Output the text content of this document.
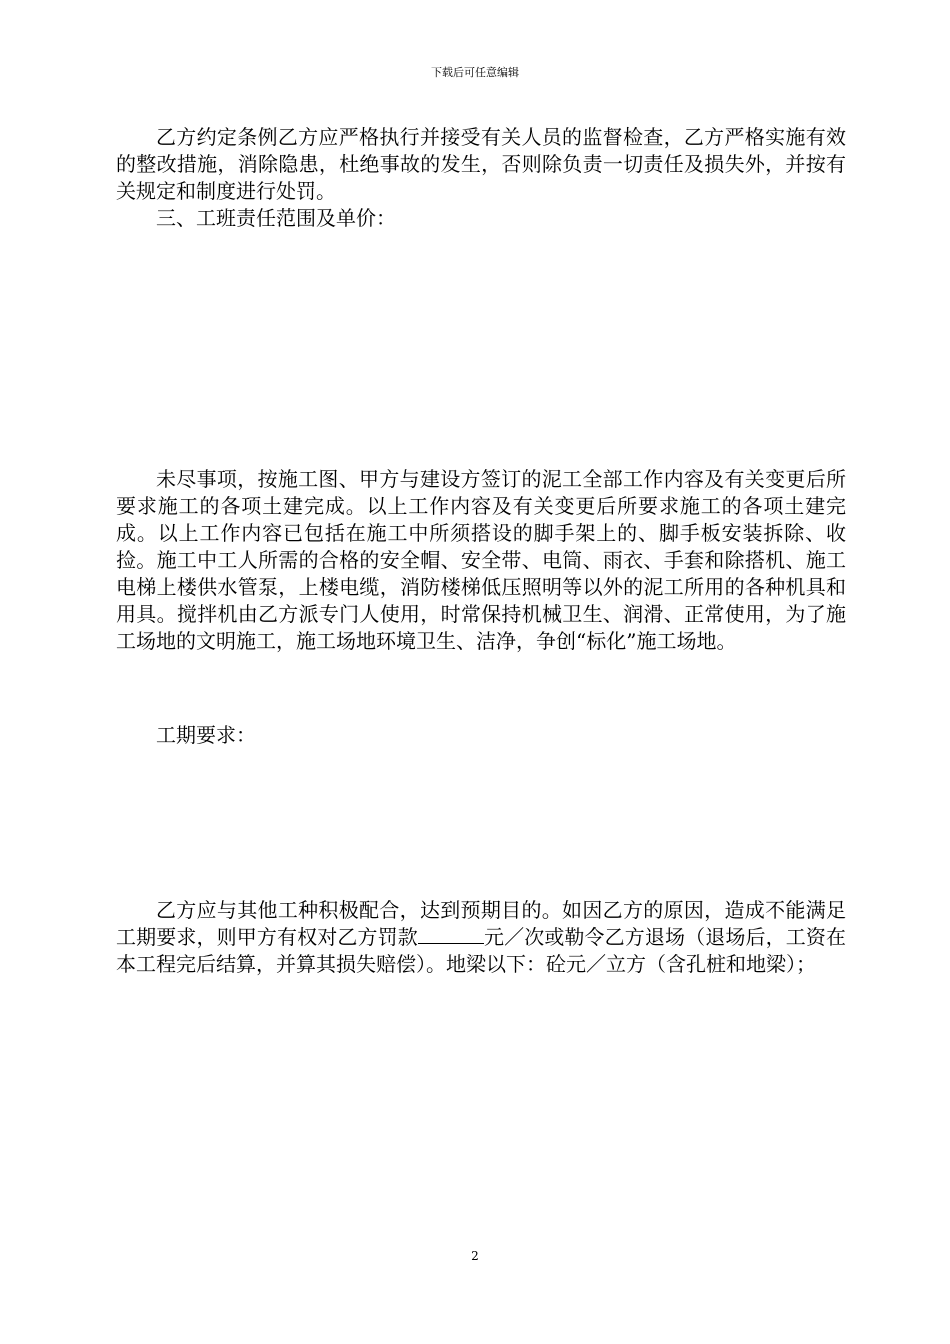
下载后可任意编辑

乙方约定条例乙方应严格执行并接受有关人员的监督检查，乙方严格实施有效的整改措施，消除隐患，杜绝事故的发生，否则除负责一切责任及损失外，并按有关规定和制度进行处罚。

三、工班责任范围及单价：

未尽事项，按施工图、甲方与建设方签订的泥工全部工作内容及有关变更后所要求施工的各项土建完成。以上工作内容及有关变更后所要求施工的各项土建完成。以上工作内容已包括在施工中所须搭设的脚手架上的、脚手板安装拆除、收捡。施工中工人所需的合格的安全帽、安全带、电筒、雨衣、手套和除搭机、施工电梯上楼供水管泵，上楼电缆，消防楼梯低压照明等以外的泥工所用的各种机具和用具。搅拌机由乙方派专门人使用，时常保持机械卫生、润滑、正常使用，为了施工场地的文明施工，施工场地环境卫生、洁净，争创“标化”施工场地。

工期要求：

乙方应与其他工种积极配合，达到预期目的。如因乙方的原因，造成不能满足工期要求，则甲方有权对乙方罚款	元／次或勒令乙方退场（退场后，工资在本工程完后结算，并算其损失赔偿）。地梁以下：砼元／立方（含孔桩和地梁）；

2
